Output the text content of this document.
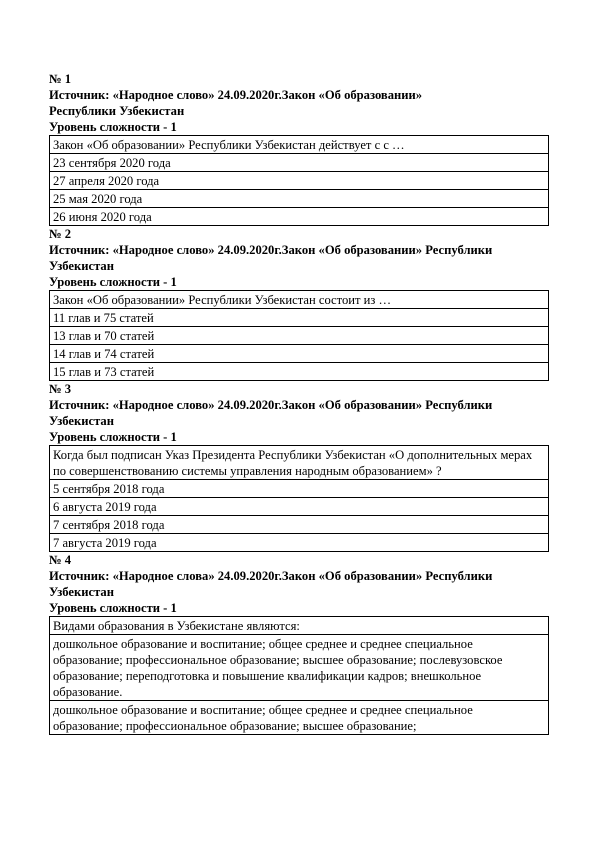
№ 1

Источник: «Народное слово» 24.09.2020г.Закон «Об образовании» Республики Узбекистан

Уровень сложности - 1

Закон «Об образовании» Республики Узбекистан действует с с …
23 сентября 2020 года
27 апреля 2020 года
25 мая 2020 года
26 июня 2020 года

№ 2

Источник: «Народное слово» 24.09.2020г.Закон «Об образовании» Республики Узбекистан

Уровень сложности - 1

Закон «Об образовании» Республики Узбекистан состоит из …
11 глав и 75 статей
13 глав и 70 статей
14 глав и 74 статей
15 глав и 73 статей

№ 3

Источник: «Народное слово» 24.09.2020г.Закон «Об образовании» Республики Узбекистан

Уровень сложности - 1

Когда был подписан Указ Президента Республики Узбекистан «О дополнительных мерах по совершенствованию системы управления народным образованием» ?
5 сентября 2018 года
6 августа 2019 года
7 сентября 2018 года
7 августа 2019 года

№ 4

Источник: «Народное слова» 24.09.2020г.Закон «Об образовании» Республики Узбекистан

Уровень сложности - 1

Видами образования в Узбекистане являются:
дошкольное образование и воспитание; общее среднее и среднее специальное образование; профессиональное образование; высшее образование; послевузовское образование; переподготовка и повышение квалификации кадров; внешкольное образование.
дошкольное образование и воспитание; общее среднее и среднее специальное образование; профессиональное образование; высшее образование;
